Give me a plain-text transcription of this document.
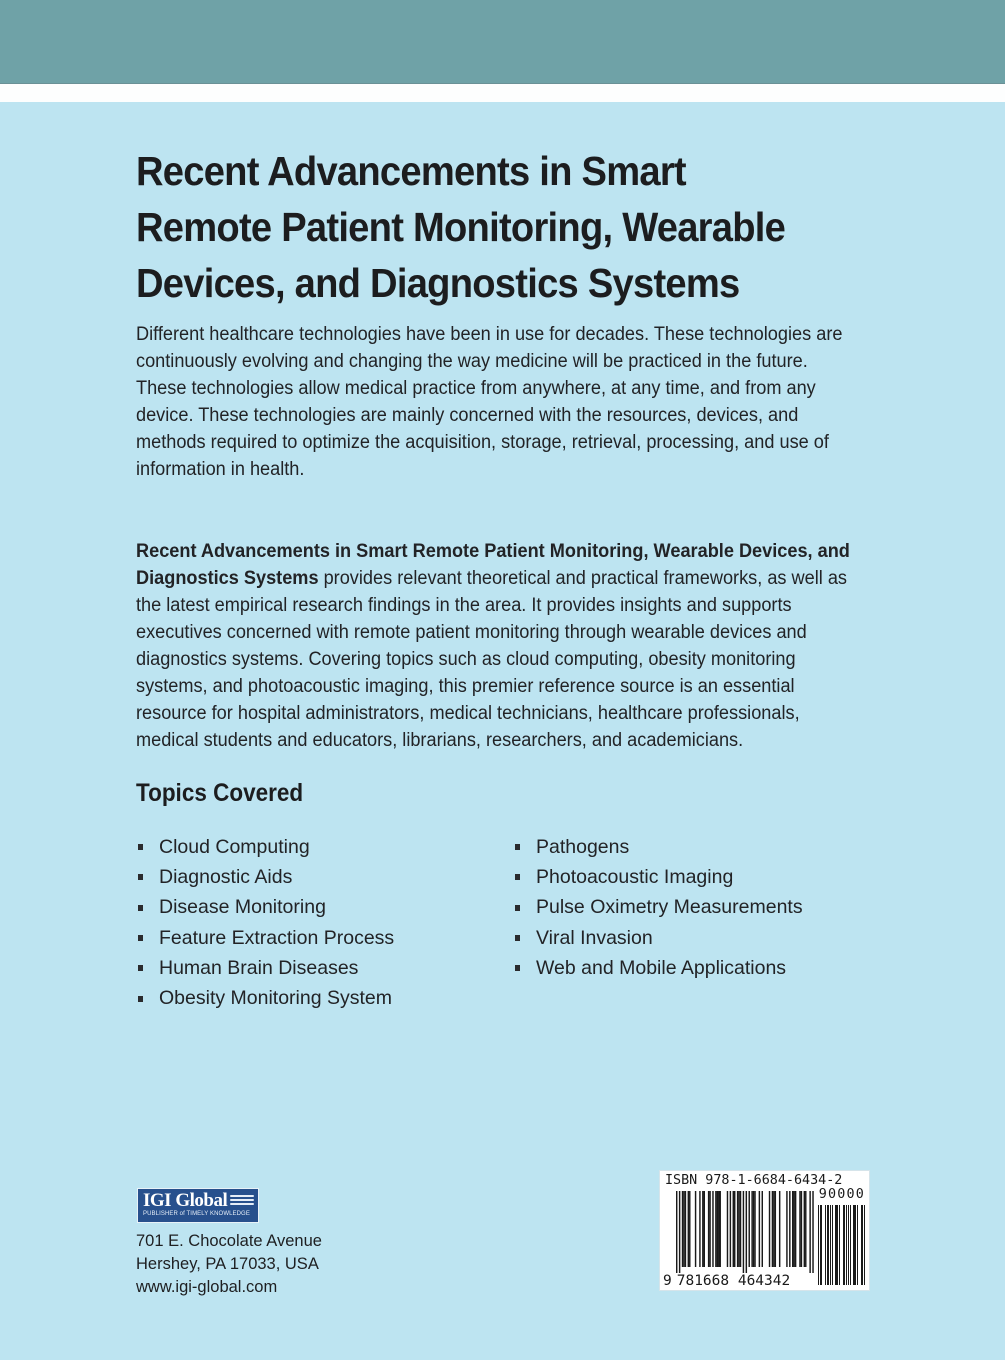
Recent Advancements in Smart
Remote Patient Monitoring, Wearable
Devices, and Diagnostics Systems

Different healthcare technologies have been in use for decades. These technologies are continuously evolving and changing the way medicine will be practiced in the future. These technologies allow medical practice from anywhere, at any time, and from any device. These technologies are mainly concerned with the resources, devices, and methods required to optimize the acquisition, storage, retrieval, processing, and use of information in health.

Recent Advancements in Smart Remote Patient Monitoring, Wearable Devices, and Diagnostics Systems provides relevant theoretical and practical frameworks, as well as the latest empirical research findings in the area. It provides insights and supports executives concerned with remote patient monitoring through wearable devices and diagnostics systems. Covering topics such as cloud computing, obesity monitoring systems, and photoacoustic imaging, this premier reference source is an essential resource for hospital administrators, medical technicians, healthcare professionals, medical students and educators, librarians, researchers, and academicians.

Topics Covered
Cloud Computing
Diagnostic Aids
Disease Monitoring
Feature Extraction Process
Human Brain Diseases
Obesity Monitoring System
Pathogens
Photoacoustic Imaging
Pulse Oximetry Measurements
Viral Invasion
Web and Mobile Applications
IGI Global
PUBLISHER of TIMELY KNOWLEDGE

701 E. Chocolate Avenue
Hershey, PA 17033, USA
www.igi-global.com

ISBN 978-1-6684-6434-2
90000
9 781668 464342
